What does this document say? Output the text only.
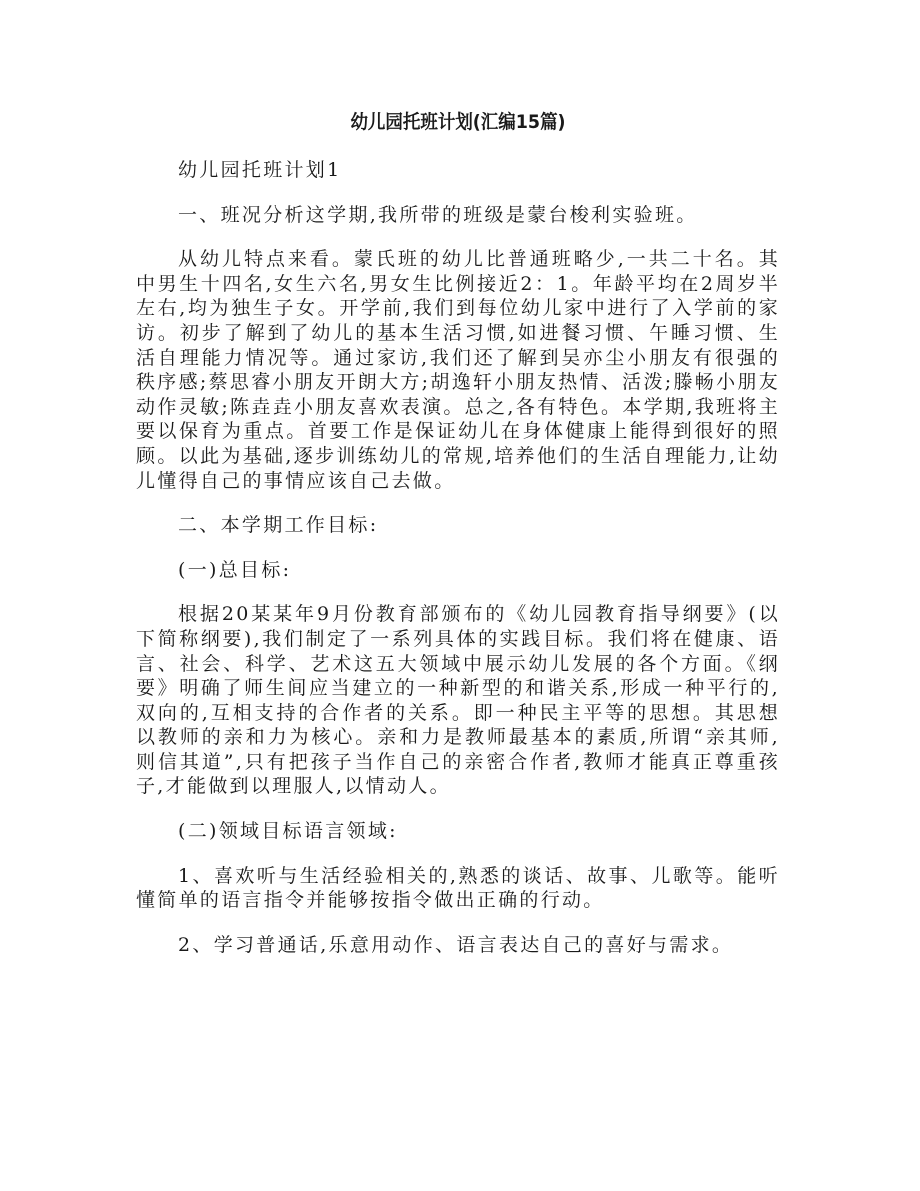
幼儿园托班计划(汇编15篇)

幼儿园托班计划1

一、班况分析这学期,我所带的班级是蒙台梭利实验班。

从幼儿特点来看。蒙氏班的幼儿比普通班略少,一共二十名。其中男生十四名,女生六名,男女生比例接近2：1。年龄平均在2周岁半左右,均为独生子女。开学前,我们到每位幼儿家中进行了入学前的家访。初步了解到了幼儿的基本生活习惯,如进餐习惯、午睡习惯、生活自理能力情况等。通过家访,我们还了解到吴亦尘小朋友有很强的秩序感;蔡思睿小朋友开朗大方;胡逸轩小朋友热情、活泼;滕畅小朋友动作灵敏;陈垚垚小朋友喜欢表演。总之,各有特色。本学期,我班将主要以保育为重点。首要工作是保证幼儿在身体健康上能得到很好的照顾。以此为基础,逐步训练幼儿的常规,培养他们的生活自理能力,让幼儿懂得自己的事情应该自己去做。

二、本学期工作目标:

(一)总目标:

根据20某某年9月份教育部颁布的《幼儿园教育指导纲要》(以下简称纲要),我们制定了一系列具体的实践目标。我们将在健康、语言、社会、科学、艺术这五大领域中展示幼儿发展的各个方面。《纲要》明确了师生间应当建立的一种新型的和谐关系,形成一种平行的,双向的,互相支持的合作者的关系。即一种民主平等的思想。其思想以教师的亲和力为核心。亲和力是教师最基本的素质,所谓“亲其师,则信其道”,只有把孩子当作自己的亲密合作者,教师才能真正尊重孩子,才能做到以理服人,以情动人。

(二)领域目标语言领域:

1、喜欢听与生活经验相关的,熟悉的谈话、故事、儿歌等。能听懂简单的语言指令并能够按指令做出正确的行动。

2、学习普通话,乐意用动作、语言表达自己的喜好与需求。
